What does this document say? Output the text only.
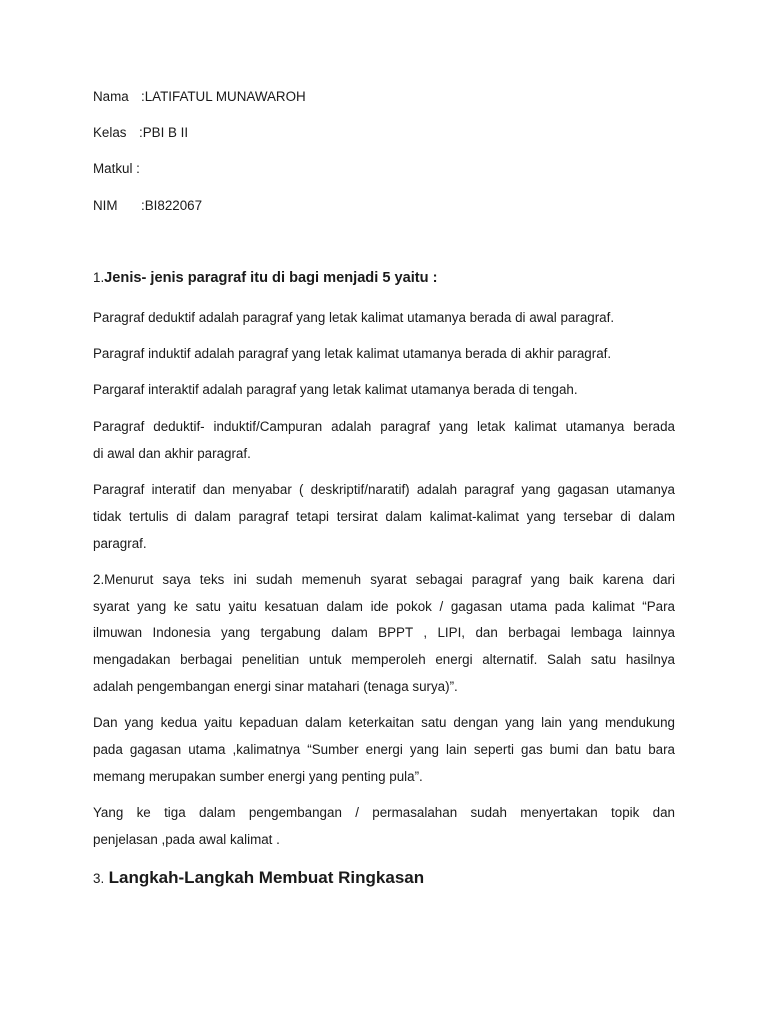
Nama :LATIFATUL MUNAWAROH
Kelas :PBI B II
Matkul :
NIM :BI822067
1.Jenis- jenis paragraf itu di bagi menjadi 5 yaitu :
Paragraf deduktif adalah paragraf yang letak kalimat utamanya berada di awal paragraf.
Paragraf induktif adalah paragraf yang letak kalimat utamanya berada di akhir paragraf.
Pargaraf interaktif adalah paragraf yang letak kalimat utamanya berada di tengah.
Paragraf deduktif- induktif/Campuran adalah paragraf yang letak kalimat utamanya berada
di awal dan akhir paragraf.
Paragraf interatif dan menyabar ( deskriptif/naratif) adalah paragraf yang gagasan utamanya
tidak tertulis di dalam paragraf tetapi tersirat dalam kalimat-kalimat yang tersebar di dalam
paragraf.
2.Menurut saya teks ini sudah memenuh syarat sebagai paragraf yang baik karena dari
syarat yang ke satu yaitu kesatuan dalam ide pokok / gagasan utama pada kalimat “Para
ilmuwan Indonesia yang tergabung dalam BPPT , LIPI, dan berbagai lembaga lainnya
mengadakan berbagai penelitian untuk memperoleh energi alternatif. Salah satu hasilnya
adalah pengembangan energi sinar matahari (tenaga surya)”.
Dan yang kedua yaitu kepaduan dalam keterkaitan satu dengan yang lain yang mendukung
pada gagasan utama ,kalimatnya “Sumber energi yang lain seperti gas bumi dan batu bara
memang merupakan sumber energi yang penting pula”.
Yang ke tiga dalam pengembangan / permasalahan sudah menyertakan topik dan
penjelasan ,pada awal kalimat .
3. Langkah-Langkah Membuat Ringkasan
